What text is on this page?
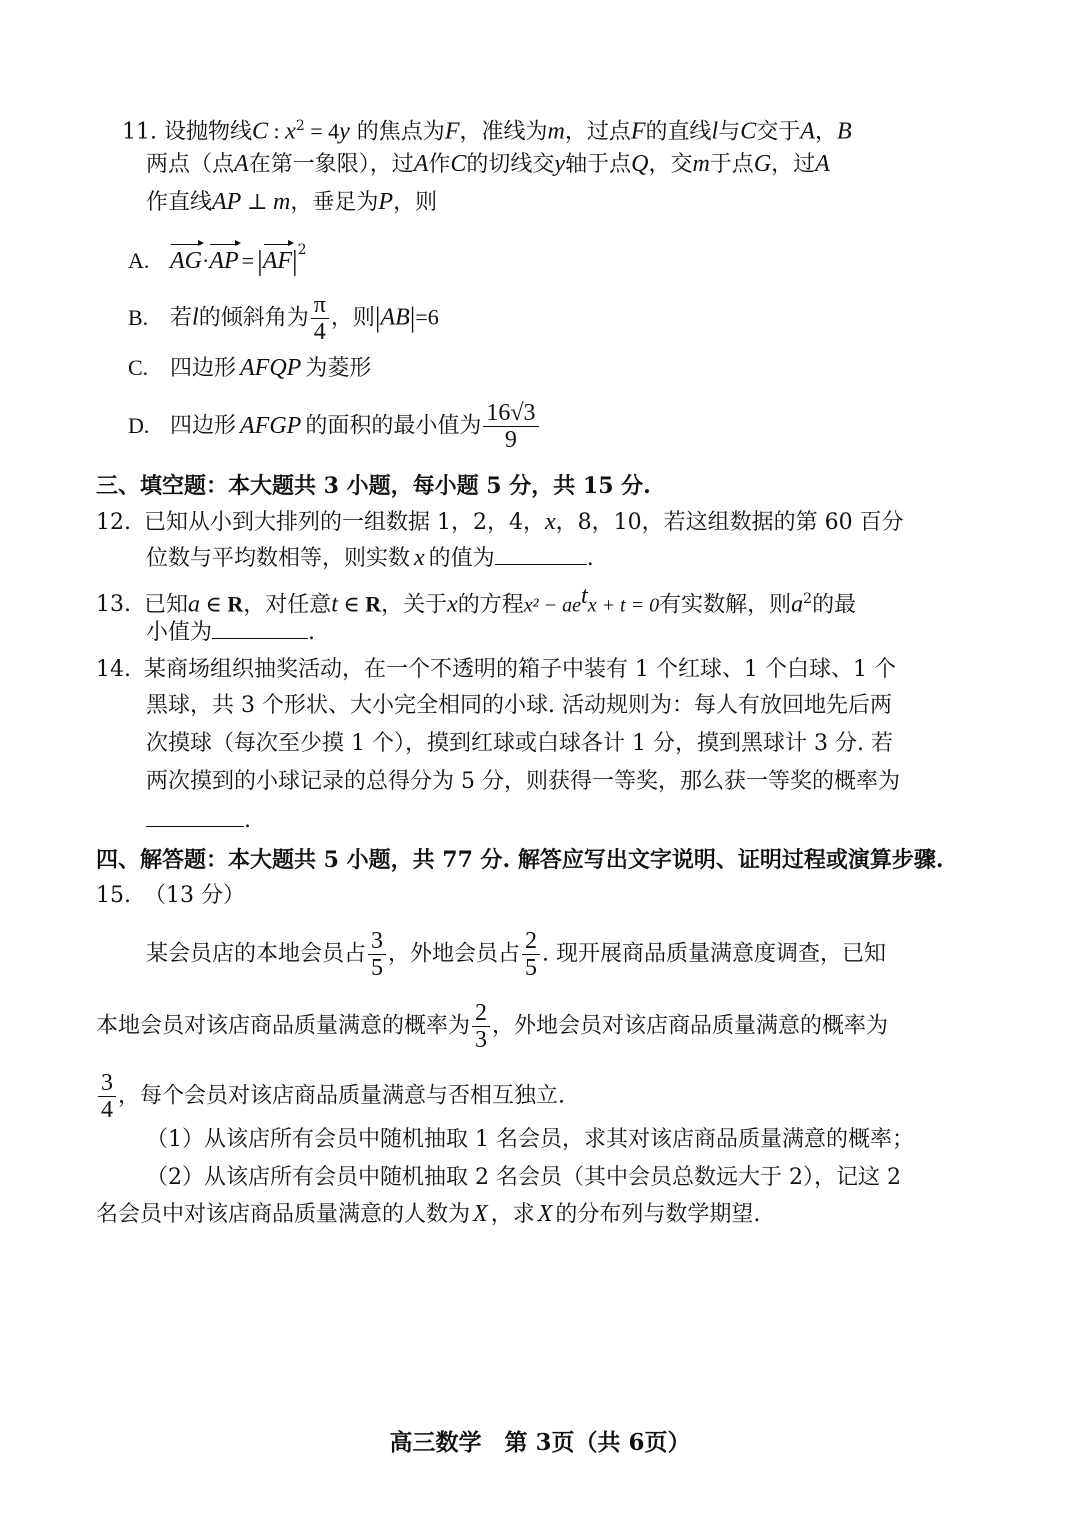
11. 设抛物线C : $x^2 = 4y$ 的焦点为F，准线为m，过点F的直线l与C交于A，B
两点（点A在第一象限），过A作C的切线交y轴于点Q，交m于点G，过A
作直线AP ⊥ m，垂足为P，则
A. $AG\cdot AP = |AF|^2$
B. 若l的倾斜角为 $\frac{\pi}{4}$ ，则|AB|=6
C. 四边形 AFQP 为菱形
D. 四边形 AFGP 的面积的最小值为 $\frac{16√3}{9}$
三、填空题：本大题共 3 小题，每小题 5 分，共 15 分.
12. 已知从小到大排列的一组数据 1，2，4，x，8，10，若这组数据的第 60 百分
位数与平均数相等，则实数 x 的值为	.
13. 已知a ∈ R，对任意t ∈ R，关于x的方程$x^2 - ae^tx + t = 0$有实数解，则$a^2$的最
小值为	.
14. 某商场组织抽奖活动，在一个不透明的箱子中装有 1 个红球、1 个白球、1 个
黑球，共 3 个形状、大小完全相同的小球. 活动规则为：每人有放回地先后两
次摸球（每次至少摸 1 个），摸到红球或白球各计 1 分，摸到黑球计 3 分. 若
两次摸到的小球记录的总得分为 5 分，则获得一等奖，那么获一等奖的概率为
.
四、解答题：本大题共 5 小题，共 77 分. 解答应写出文字说明、证明过程或演算步骤.
15. （13 分）
某会员店的本地会员占 $\frac{3}{5}$ ，外地会员占 $\frac{2}{5}$ . 现开展商品质量满意度调查，已知
本地会员对该店商品质量满意的概率为 $\frac{2}{3}$ ，外地会员对该店商品质量满意的概率为
$\frac{3}{4}$ ，每个会员对该店商品质量满意与否相互独立.
（1）从该店所有会员中随机抽取 1 名会员，求其对该店商品质量满意的概率；
（2）从该店所有会员中随机抽取 2 名会员（其中会员总数远大于 2），记这 2
名会员中对该店商品质量满意的人数为 X ，求 X 的分布列与数学期望.
高三数学　第 3页（共 6页）
